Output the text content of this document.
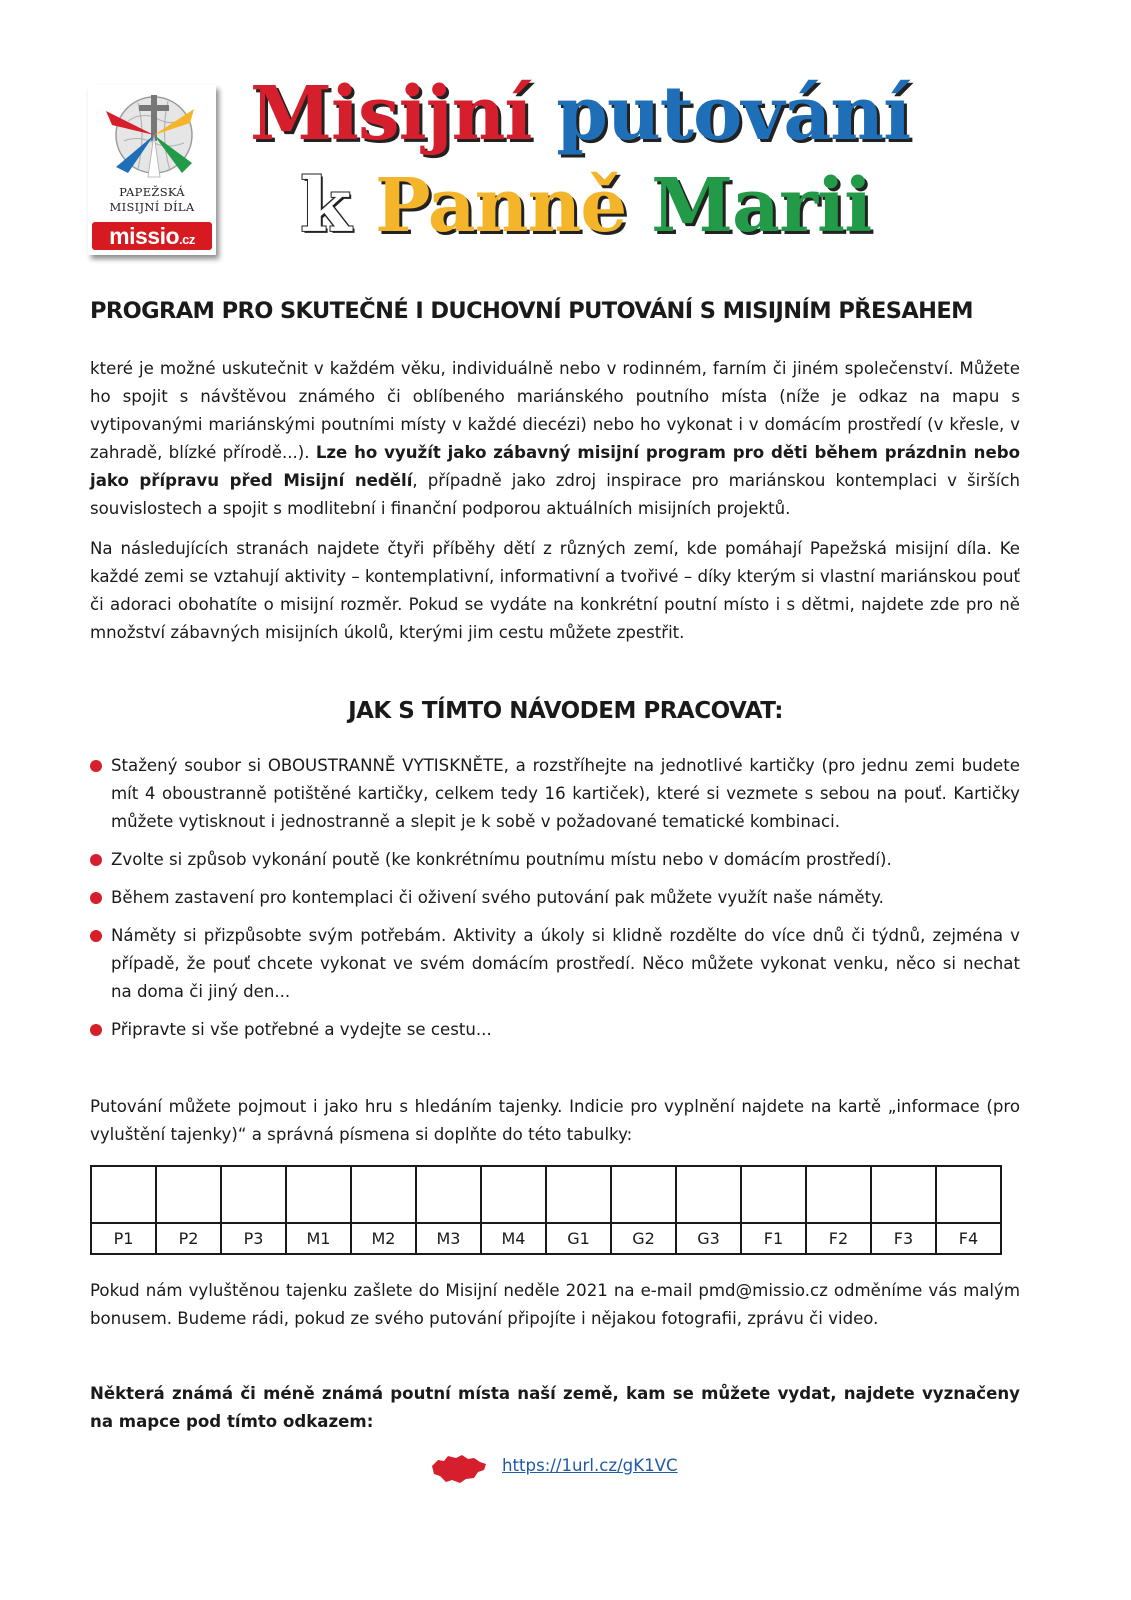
PAPEŽSKÁ
MISIJNÍ DÍLA
missio.cz
Misijní putování
k Panně Marii
PROGRAM PRO SKUTEČNÉ I DUCHOVNÍ PUTOVÁNÍ S MISIJNÍM PŘESAHEM

které je možné uskutečnit v každém věku, individuálně nebo v rodinném, farním či jiném společenství. Můžete ho spojit s návštěvou známého či oblíbeného mariánského poutního místa (níže je odkaz na mapu s vytipovanými mariánskými poutními místy v každé diecézi) nebo ho vykonat i v domácím prostředí (v křesle, v zahradě, blízké přírodě...). Lze ho využít jako zábavný misijní program pro děti během prázdnin nebo jako přípravu před Misijní nedělí, případně jako zdroj inspirace pro mariánskou kontemplaci v širších souvislostech a spojit s modlitební i finanční podporou aktuálních misijních projektů.

Na následujících stranách najdete čtyři příběhy dětí z různých zemí, kde pomáhají Papežská misijní díla. Ke každé zemi se vztahují aktivity – kontemplativní, informativní a tvořivé – díky kterým si vlastní mariánskou pouť či adoraci obohatíte o misijní rozměr. Pokud se vydáte na konkrétní poutní místo i s dětmi, najdete zde pro ně množství zábavných misijních úkolů, kterými jim cestu můžete zpestřit.

JAK S TÍMTO NÁVODEM PRACOVAT:
Stažený soubor si OBOUSTRANNĚ VYTISKNĚTE, a rozstříhejte na jednotlivé kartičky (pro jednu zemi budete mít 4 oboustranně potištěné kartičky, celkem tedy 16 kartiček), které si vezmete s sebou na pouť. Kartičky můžete vytisknout i jednostranně a slepit je k sobě v požadované tematické kombinaci.
Zvolte si způsob vykonání poutě (ke konkrétnímu poutnímu místu nebo v domácím prostředí).
Během zastavení pro kontemplaci či oživení svého putování pak můžete využít naše náměty.
Náměty si přizpůsobte svým potřebám. Aktivity a úkoly si klidně rozdělte do více dnů či týdnů, zejména v případě, že pouť chcete vykonat ve svém domácím prostředí. Něco můžete vykonat venku, něco si nechat na doma či jiný den...
Připravte si vše potřebné a vydejte se cestu...

Putování můžete pojmout i jako hru s hledáním tajenky. Indicie pro vyplnění najdete na kartě „informace (pro vyluštění tajenky)“ a správná písmena si doplňte do této tabulky:

P1	P2	P3	M1	M2	M3	M4	G1	G2	G3	F1	F2	F3	F4

Pokud nám vyluštěnou tajenku zašlete do Misijní neděle 2021 na e-mail pmd@missio.cz odměníme vás malým bonusem. Budeme rádi, pokud ze svého putování připojíte i nějakou fotografii, zprávu či video.

Některá známá či méně známá poutní místa naší země, kam se můžete vydat, najdete vyznačeny na mapce pod tímto odkazem:

https://1url.cz/gK1VC
